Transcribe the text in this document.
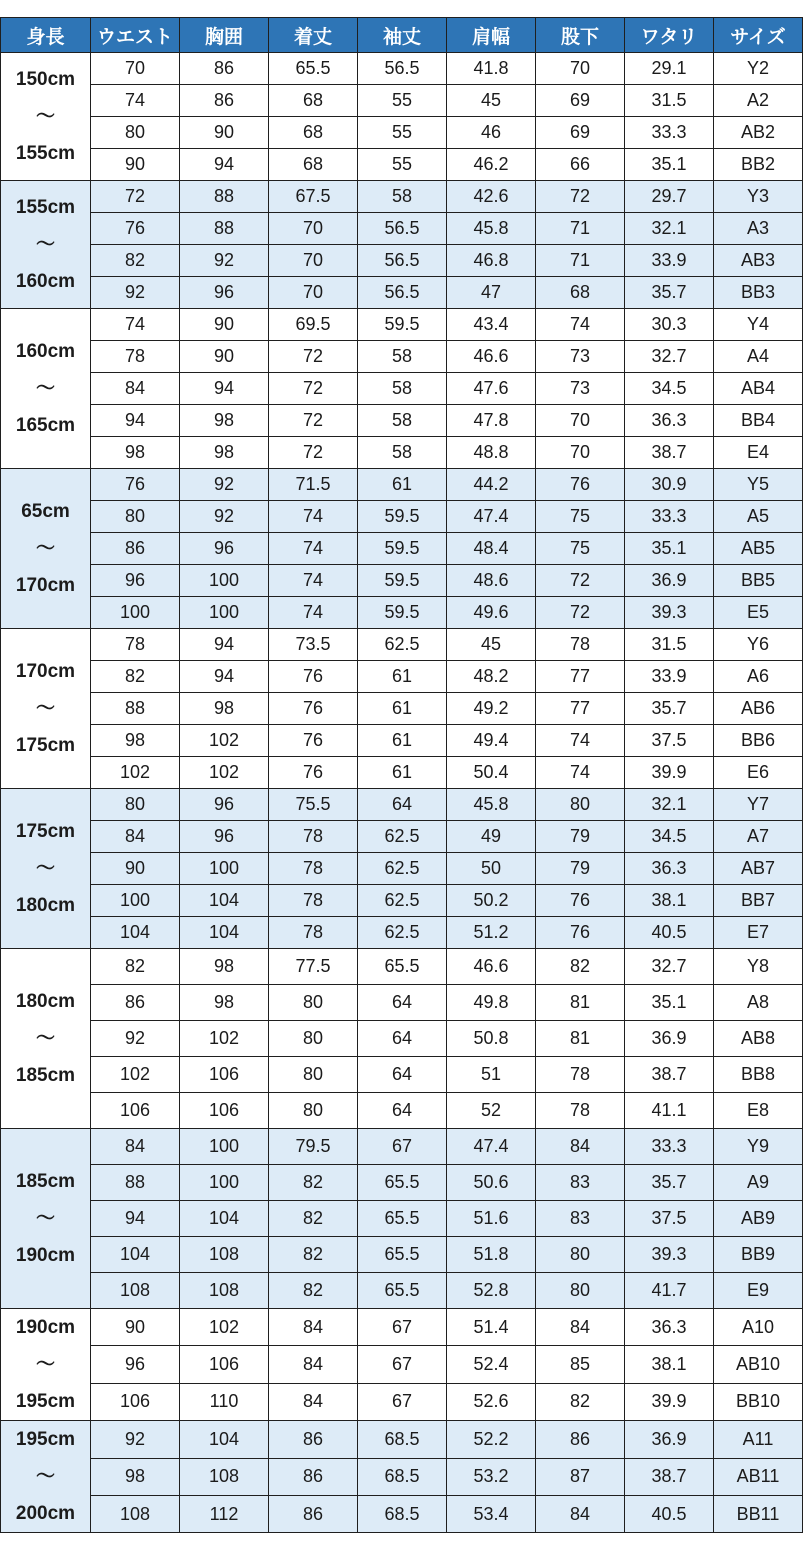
身長	ウエスト	胸囲	着丈	袖丈	肩幅	股下	ワタリ	サイズ

150cm
～
155cm	70	86	65.5	56.5	41.8	70	29.1	Y2
	74	86	68	55	45	69	31.5	A2
	80	90	68	55	46	69	33.3	AB2
	90	94	68	55	46.2	66	35.1	BB2

155cm
～
160cm	72	88	67.5	58	42.6	72	29.7	Y3
	76	88	70	56.5	45.8	71	32.1	A3
	82	92	70	56.5	46.8	71	33.9	AB3
	92	96	70	56.5	47	68	35.7	BB3

160cm
～
165cm	74	90	69.5	59.5	43.4	74	30.3	Y4
	78	90	72	58	46.6	73	32.7	A4
	84	94	72	58	47.6	73	34.5	AB4
	94	98	72	58	47.8	70	36.3	BB4
	98	98	72	58	48.8	70	38.7	E4

65cm
～
170cm	76	92	71.5	61	44.2	76	30.9	Y5
	80	92	74	59.5	47.4	75	33.3	A5
	86	96	74	59.5	48.4	75	35.1	AB5
	96	100	74	59.5	48.6	72	36.9	BB5
	100	100	74	59.5	49.6	72	39.3	E5

170cm
～
175cm	78	94	73.5	62.5	45	78	31.5	Y6
	82	94	76	61	48.2	77	33.9	A6
	88	98	76	61	49.2	77	35.7	AB6
	98	102	76	61	49.4	74	37.5	BB6
	102	102	76	61	50.4	74	39.9	E6

175cm
～
180cm	80	96	75.5	64	45.8	80	32.1	Y7
	84	96	78	62.5	49	79	34.5	A7
	90	100	78	62.5	50	79	36.3	AB7
	100	104	78	62.5	50.2	76	38.1	BB7
	104	104	78	62.5	51.2	76	40.5	E7

180cm
～
185cm	82	98	77.5	65.5	46.6	82	32.7	Y8
	86	98	80	64	49.8	81	35.1	A8
	92	102	80	64	50.8	81	36.9	AB8
	102	106	80	64	51	78	38.7	BB8
	106	106	80	64	52	78	41.1	E8

185cm
～
190cm	84	100	79.5	67	47.4	84	33.3	Y9
	88	100	82	65.5	50.6	83	35.7	A9
	94	104	82	65.5	51.6	83	37.5	AB9
	104	108	82	65.5	51.8	80	39.3	BB9
	108	108	82	65.5	52.8	80	41.7	E9

190cm
～
195cm	90	102	84	67	51.4	84	36.3	A10
	96	106	84	67	52.4	85	38.1	AB10
	106	110	84	67	52.6	82	39.9	BB10

195cm
～
200cm	92	104	86	68.5	52.2	86	36.9	A11
	98	108	86	68.5	53.2	87	38.7	AB11
	108	112	86	68.5	53.4	84	40.5	BB11
